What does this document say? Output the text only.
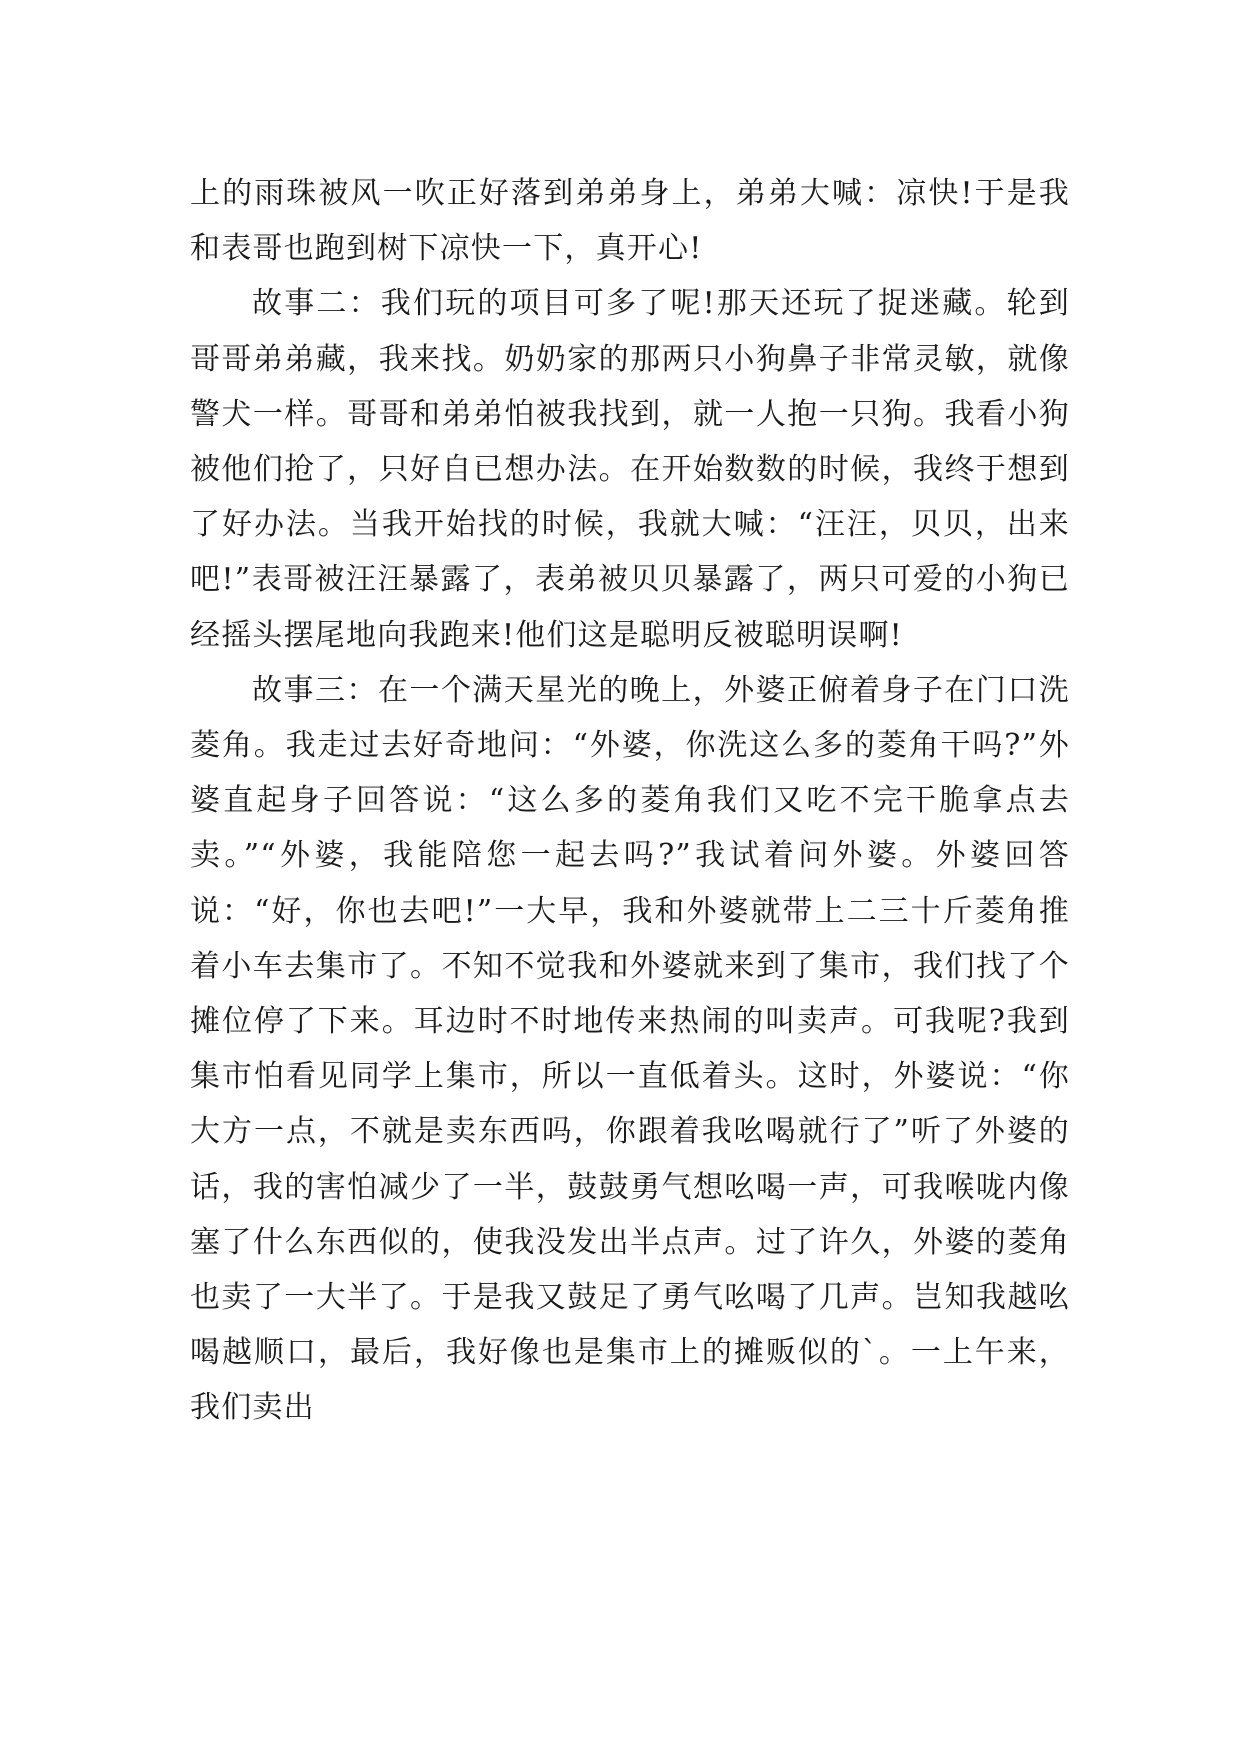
上的雨珠被风一吹正好落到弟弟身上，弟弟大喊：凉快!于是我和表哥也跑到树下凉快一下，真开心!

故事二：我们玩的项目可多了呢!那天还玩了捉迷藏。轮到哥哥弟弟藏，我来找。奶奶家的那两只小狗鼻子非常灵敏，就像警犬一样。哥哥和弟弟怕被我找到，就一人抱一只狗。我看小狗被他们抢了，只好自已想办法。在开始数数的时候，我终于想到了好办法。当我开始找的时候，我就大喊：“汪汪，贝贝，出来吧!”表哥被汪汪暴露了，表弟被贝贝暴露了，两只可爱的小狗已经摇头摆尾地向我跑来!他们这是聪明反被聪明误啊!

故事三：在一个满天星光的晚上，外婆正俯着身子在门口洗菱角。我走过去好奇地问：“外婆，你洗这么多的菱角干吗?”外婆直起身子回答说：“这么多的菱角我们又吃不完干脆拿点去卖。”“外婆，我能陪您一起去吗?”我试着问外婆。外婆回答说：“好，你也去吧!”一大早，我和外婆就带上二三十斤菱角推着小车去集市了。不知不觉我和外婆就来到了集市，我们找了个摊位停了下来。耳边时不时地传来热闹的叫卖声。可我呢?我到集市怕看见同学上集市，所以一直低着头。这时，外婆说：“你大方一点，不就是卖东西吗，你跟着我吆喝就行了”听了外婆的话，我的害怕减少了一半，鼓鼓勇气想吆喝一声，可我喉咙内像塞了什么东西似的，使我没发出半点声。过了许久，外婆的菱角也卖了一大半了。于是我又鼓足了勇气吆喝了几声。岂知我越吆喝越顺口，最后，我好像也是集市上的摊贩似的`。一上午来，我们卖出
